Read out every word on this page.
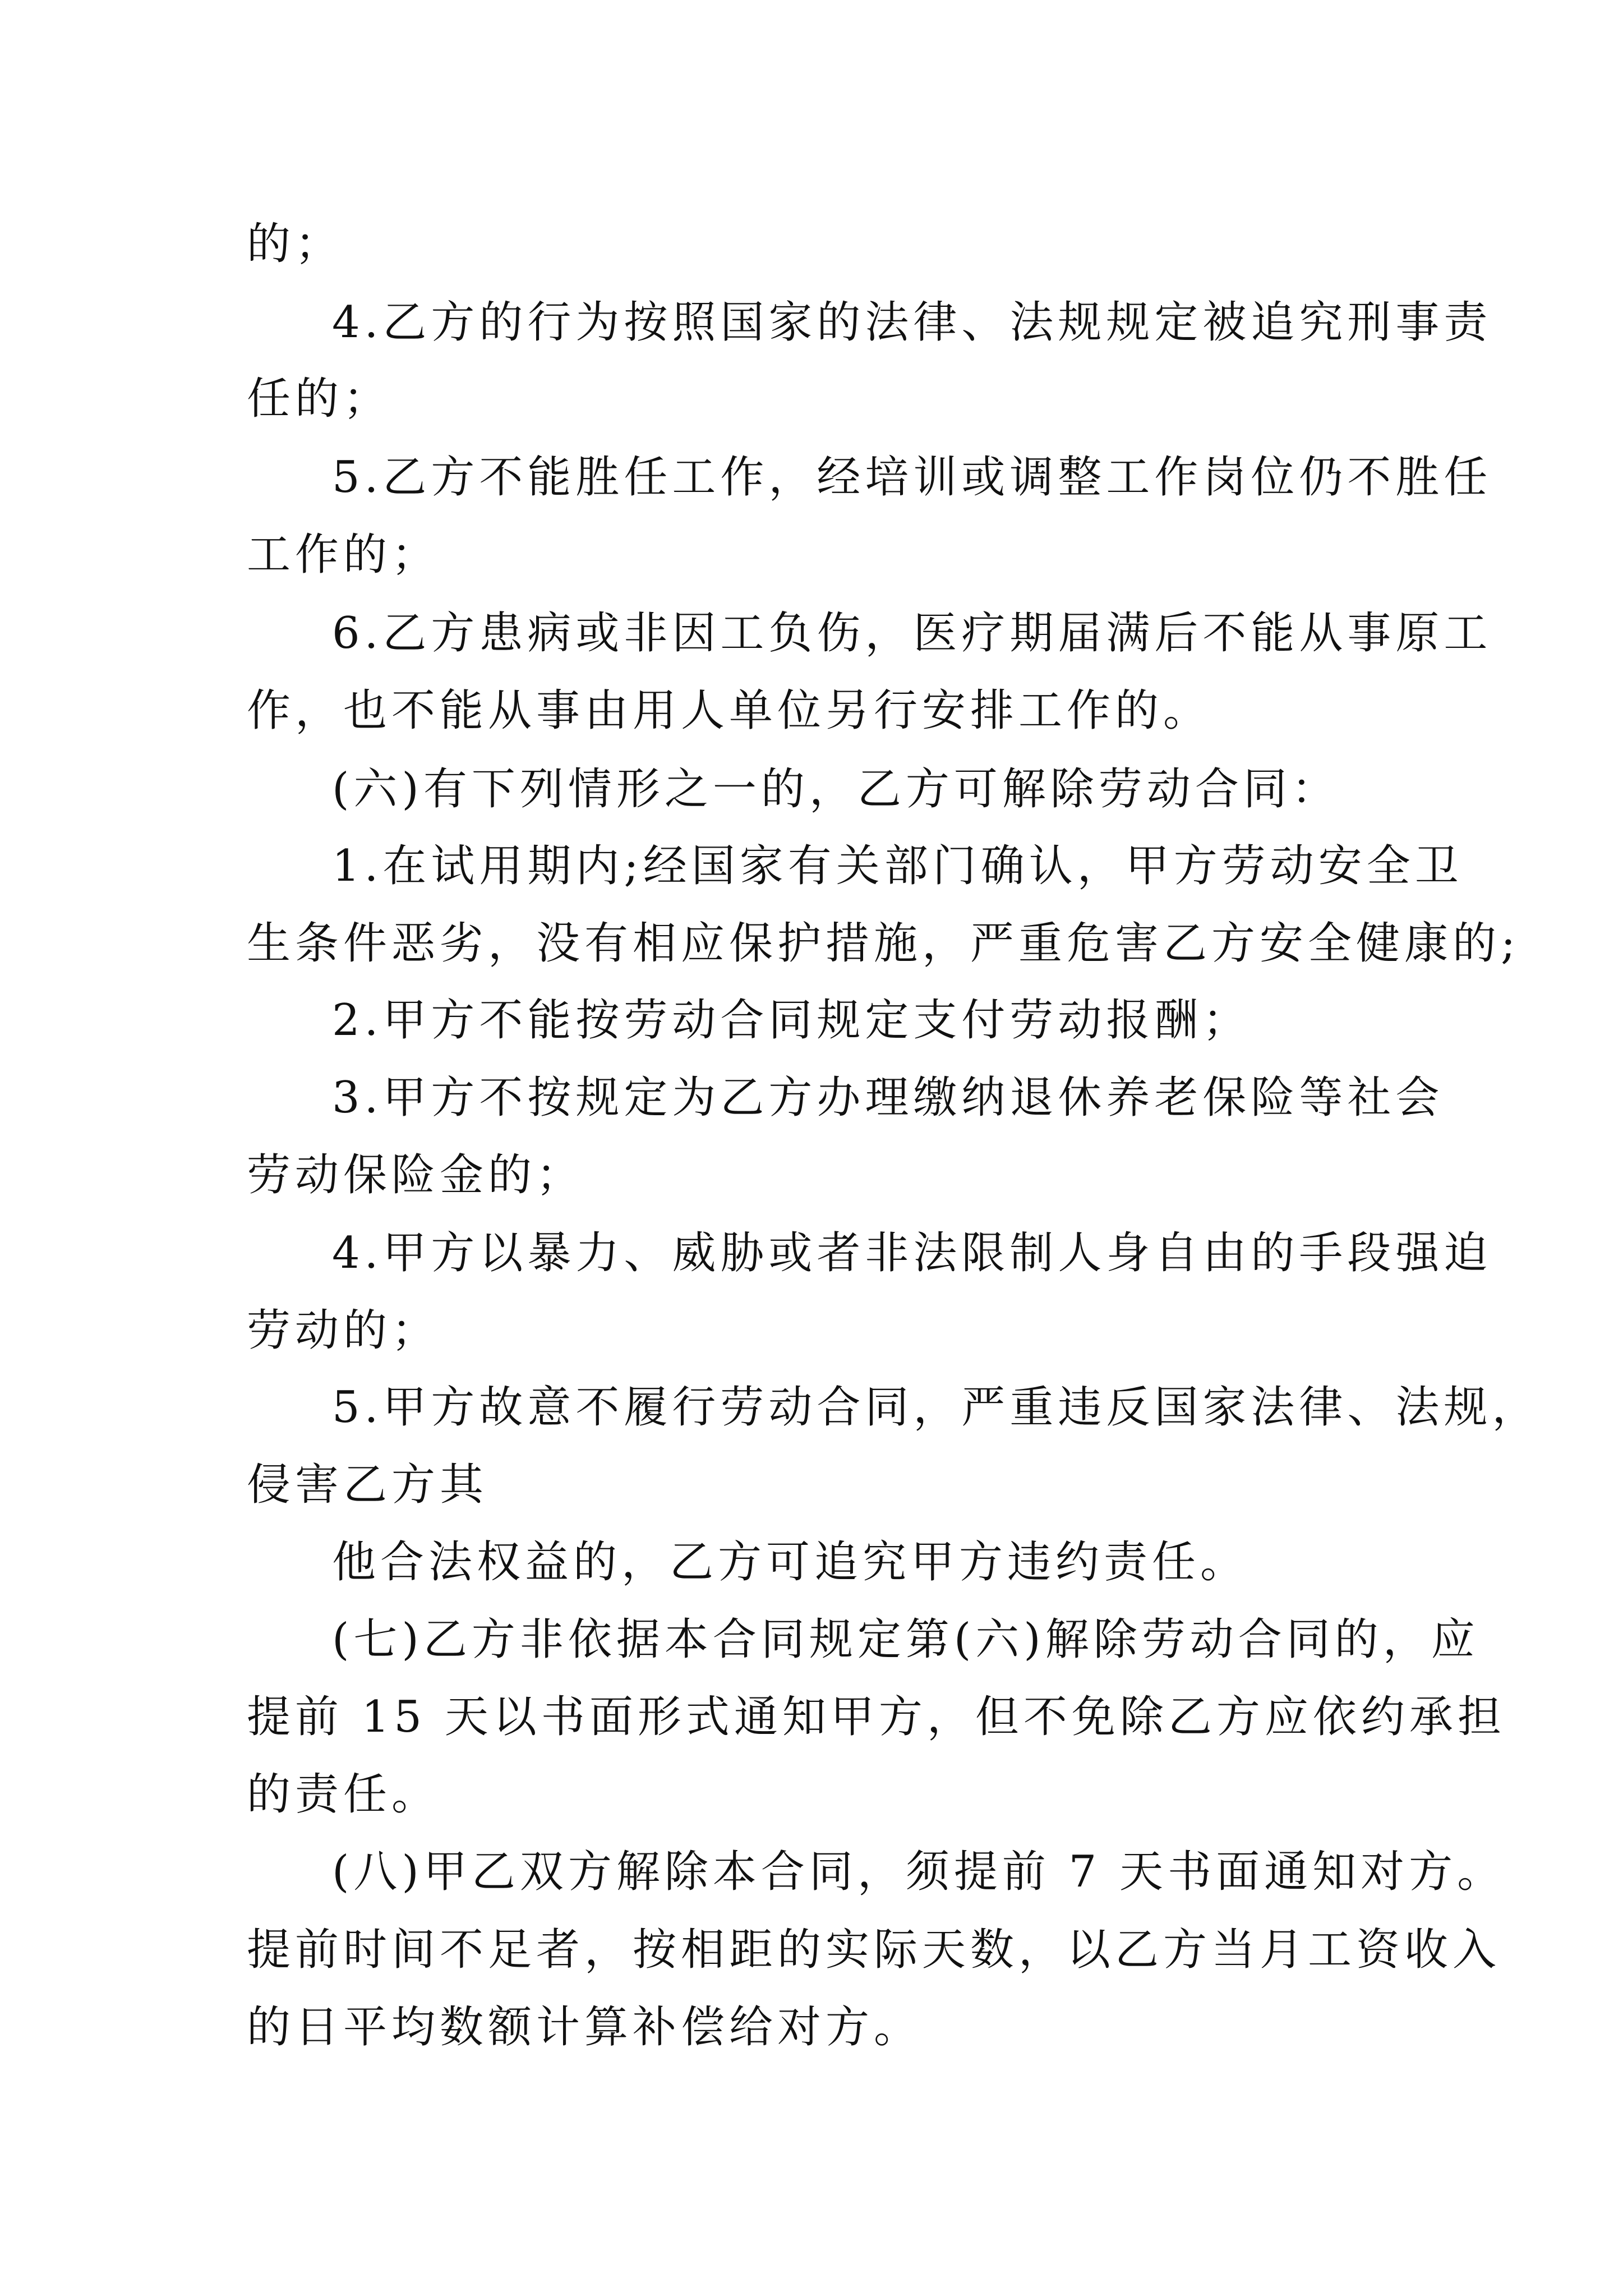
的；
4.乙方的行为按照国家的法律、法规规定被追究刑事责
任的；
5.乙方不能胜任工作，经培训或调整工作岗位仍不胜任
工作的；
6.乙方患病或非因工负伤，医疗期届满后不能从事原工
作，也不能从事由用人单位另行安排工作的。
(六)有下列情形之一的，乙方可解除劳动合同：
1.在试用期内;经国家有关部门确认，甲方劳动安全卫
生条件恶劣，没有相应保护措施，严重危害乙方安全健康的;
2.甲方不能按劳动合同规定支付劳动报酬；
3.甲方不按规定为乙方办理缴纳退休养老保险等社会
劳动保险金的；
4.甲方以暴力、威胁或者非法限制人身自由的手段强迫
劳动的；
5.甲方故意不履行劳动合同，严重违反国家法律、法规，
侵害乙方其
他合法权益的，乙方可追究甲方违约责任。
(七)乙方非依据本合同规定第(六)解除劳动合同的，应
提前 15 天以书面形式通知甲方，但不免除乙方应依约承担
的责任。
(八)甲乙双方解除本合同，须提前 7 天书面通知对方。
提前时间不足者，按相距的实际天数，以乙方当月工资收入
的日平均数额计算补偿给对方。
